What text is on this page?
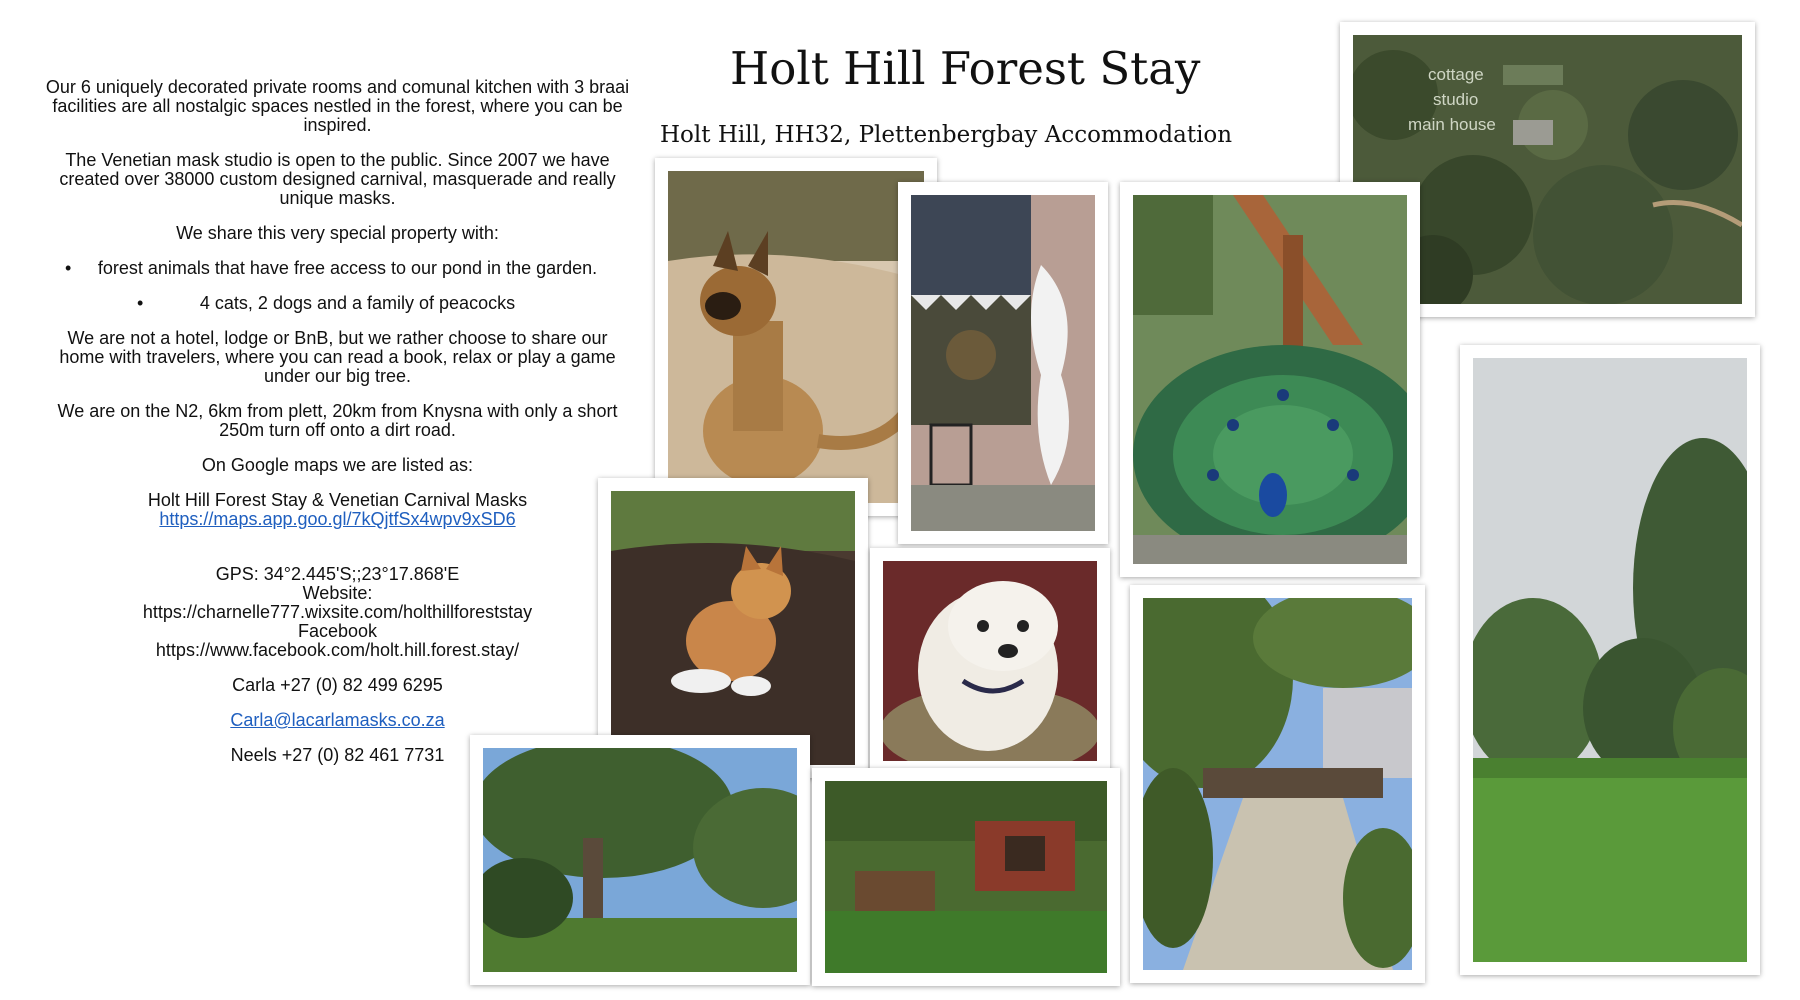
Holt Hill Forest Stay
Holt Hill, HH32, Plettenbergbay Accommodation

Our 6 uniquely decorated private rooms and comunal kitchen with 3 braai facilities are all nostalgic spaces nestled in the forest, where you can be inspired.

The Venetian mask studio is open to the public. Since 2007 we have created over 38000 custom designed carnival, masquerade and really unique masks.

We share this very special property with:

• forest animals that have free access to our pond in the garden.

•	4 cats, 2 dogs and a family of peacocks

We are not a hotel, lodge or BnB, but we rather choose to share our home with travelers, where you can read a book, relax or play a game under our big tree.

We are on the N2, 6km from plett, 20km from Knysna with only a short 250m turn off onto a dirt road.

On Google maps we are listed as:

Holt Hill Forest Stay & Venetian Carnival Masks
https://maps.app.goo.gl/7kQjtfSx4wpv9xSD6

GPS: 34°2.445'S;;23°17.868'E
Website:
https://charnelle777.wixsite.com/holthillforeststay
Facebook
https://www.facebook.com/holt.hill.forest.stay/

Carla +27 (0) 82 499 6295

Carla@lacarlamasks.co.za

Neels +27 (0) 82 461 7731

cottage
studio
main house
